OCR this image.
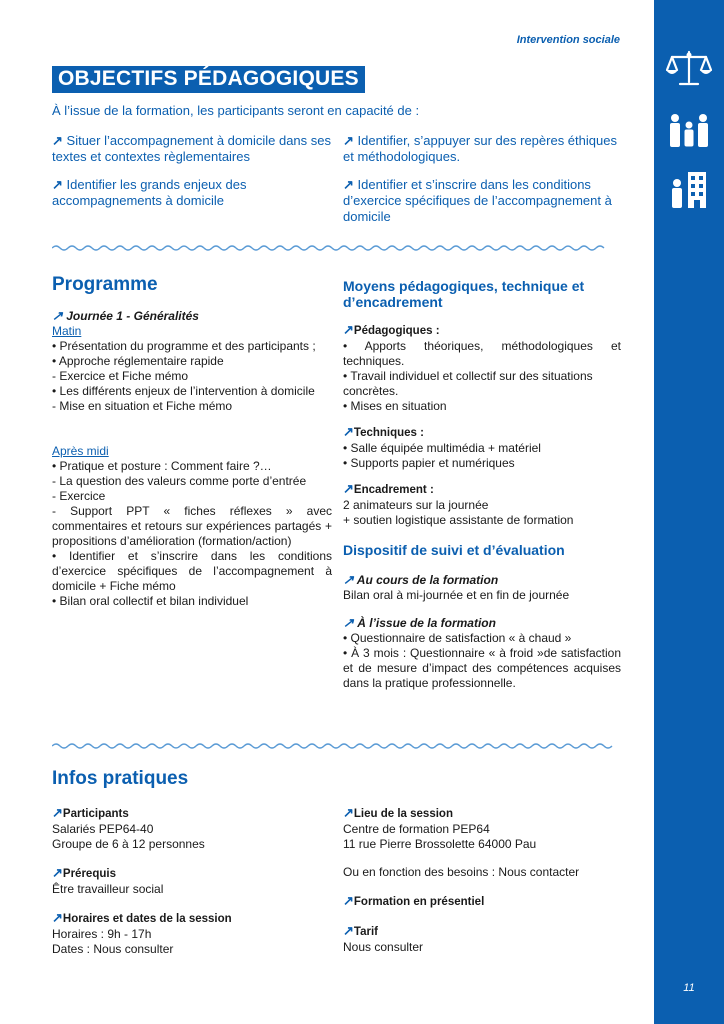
11
Intervention sociale
OBJECTIFS PÉDAGOGIQUES
À l’issue de la formation, les participants seront en capacité de :
↗ Situer l’accompagnement à domicile dans ses textes et contextes règlementaires
↗ Identifier, s’appuyer sur des repères éthiques et méthodologiques.
↗ Identifier les grands enjeux des accompagnements à domicile
↗ Identifier et s’inscrire dans les conditions d’exercice spécifiques de l’accompagnement à domicile
Programme

↗ Journée 1 - Généralités

Matin

• Présentation du programme et des participants ;

• Approche réglementaire rapide

- Exercice et Fiche mémo

• Les différents enjeux de l’intervention à domicile

- Mise en situation et Fiche mémo

Après midi

• Pratique et posture : Comment faire ?…

- La question des valeurs comme porte d’entrée

- Exercice

- Support PPT « fiches réflexes » avec commentaires et retours sur expériences partagés + propositions d’amélioration (formation/action)

• Identifier et s’inscrire dans les conditions d’exercice spécifiques de l’accompagnement à domicile + Fiche mémo

• Bilan oral collectif et bilan individuel

Moyens pédagogiques, technique et d’encadrement

↗Pédagogiques :

• Apports théoriques, méthodologiques et techniques.

• Travail individuel et collectif sur des situations concrètes.

• Mises en situation

↗Techniques :

• Salle équipée multimédia + matériel

• Supports papier et numériques

↗Encadrement :

2 animateurs sur la journée

+ soutien logistique assistante de formation

Dispositif de suivi et d’évaluation

↗ Au cours de la formation

Bilan oral à mi-journée et en fin de journée

↗ À l’issue de la formation

• Questionnaire de satisfaction « à chaud »

• À 3 mois : Questionnaire « à froid »de satisfaction et de mesure d’impact des compétences acquises dans la pratique professionnelle.

Infos pratiques

↗Participants

Salariés PEP64-40

Groupe de 6 à 12 personnes

↗Prérequis

Être travailleur social

↗Horaires et dates de la session

Horaires : 9h - 17h

Dates : Nous consulter

↗Lieu de la session

Centre de formation PEP64

11 rue Pierre Brossolette 64000 Pau

Ou en fonction des besoins : Nous contacter

↗Formation en présentiel

↗Tarif

Nous consulter
